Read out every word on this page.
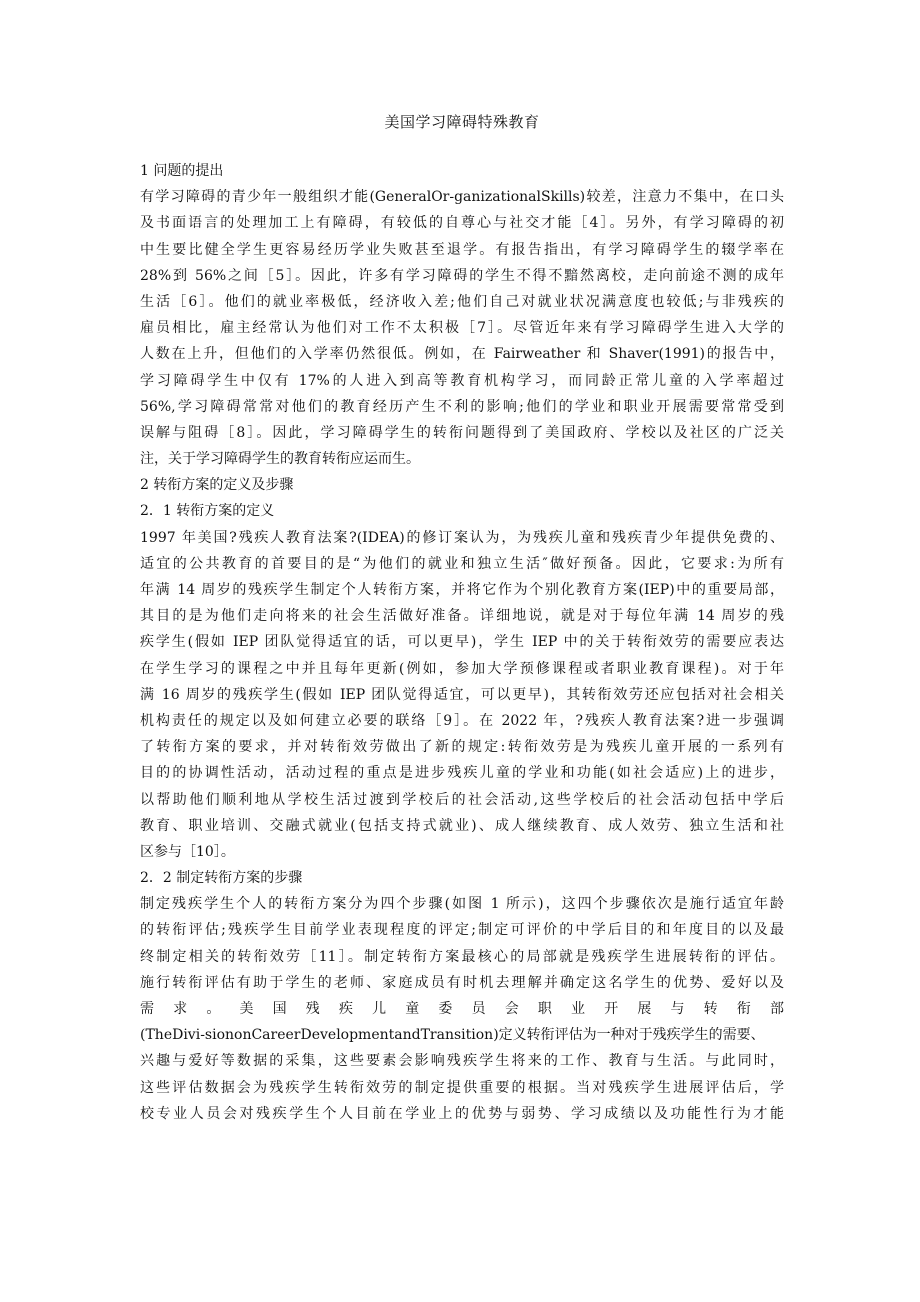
美国学习障碍特殊教育
1 问题的提出
有学习障碍的青少年一般组织才能(GeneralOr-ganizationalSkills)较差，注意力不集中，在口头
及书面语言的处理加工上有障碍，有较低的自尊心与社交才能［4］。另外，有学习障碍的初
中生要比健全学生更容易经历学业失败甚至退学。有报告指出，有学习障碍学生的辍学率在
28%到 56%之间［5］。因此，许多有学习障碍的学生不得不黯然离校，走向前途不测的成年
生活［6］。他们的就业率极低，经济收入差;他们自己对就业状况满意度也较低;与非残疾的
雇员相比，雇主经常认为他们对工作不太积极［7］。尽管近年来有学习障碍学生进入大学的
人数在上升，但他们的入学率仍然很低。例如，在 Fairweather 和 Shaver(1991)的报告中，
学习障碍学生中仅有 17%的人进入到高等教育机构学习，而同龄正常儿童的入学率超过
56%,学习障碍常常对他们的教育经历产生不利的影响;他们的学业和职业开展需要常常受到
误解与阻碍［8］。因此，学习障碍学生的转衔问题得到了美国政府、学校以及社区的广泛关
注，关于学习障碍学生的教育转衔应运而生。
2 转衔方案的定义及步骤
2．1 转衔方案的定义
1997 年美国?残疾人教育法案?(IDEA)的修订案认为，为残疾儿童和残疾青少年提供免费的、
适宜的公共教育的首要目的是“为他们的就业和独立生活″做好预备。因此，它要求:为所有
年满 14 周岁的残疾学生制定个人转衔方案，并将它作为个别化教育方案(IEP)中的重要局部，
其目的是为他们走向将来的社会生活做好准备。详细地说，就是对于每位年满 14 周岁的残
疾学生(假如 IEP 团队觉得适宜的话，可以更早)，学生 IEP 中的关于转衔效劳的需要应表达
在学生学习的课程之中并且每年更新(例如，参加大学预修课程或者职业教育课程)。对于年
满 16 周岁的残疾学生(假如 IEP 团队觉得适宜，可以更早)，其转衔效劳还应包括对社会相关
机构责任的规定以及如何建立必要的联络［9］。在 2022 年，?残疾人教育法案?进一步强调
了转衔方案的要求，并对转衔效劳做出了新的规定:转衔效劳是为残疾儿童开展的一系列有
目的的协调性活动，活动过程的重点是进步残疾儿童的学业和功能(如社会适应)上的进步，
以帮助他们顺利地从学校生活过渡到学校后的社会活动,这些学校后的社会活动包括中学后
教育、职业培训、交融式就业(包括支持式就业)、成人继续教育、成人效劳、独立生活和社
区参与［10］。
2．2 制定转衔方案的步骤
制定残疾学生个人的转衔方案分为四个步骤(如图 1 所示)，这四个步骤依次是施行适宜年龄
的转衔评估;残疾学生目前学业表现程度的评定;制定可评价的中学后目的和年度目的以及最
终制定相关的转衔效劳［11］。制定转衔方案最核心的局部就是残疾学生进展转衔的评估。
施行转衔评估有助于学生的老师、家庭成员有时机去理解并确定这名学生的优势、爱好以及
需 求 。 美 国 残 疾 儿 童 委 员 会 职 业 开 展 与 转 衔 部
(TheDivi-siononCareerDevelopmentandTransition)定义转衔评估为一种对于残疾学生的需要、
兴趣与爱好等数据的采集，这些要素会影响残疾学生将来的工作、教育与生活。与此同时，
这些评估数据会为残疾学生转衔效劳的制定提供重要的根据。当对残疾学生进展评估后，学
校专业人员会对残疾学生个人目前在学业上的优势与弱势、学习成绩以及功能性行为才能
